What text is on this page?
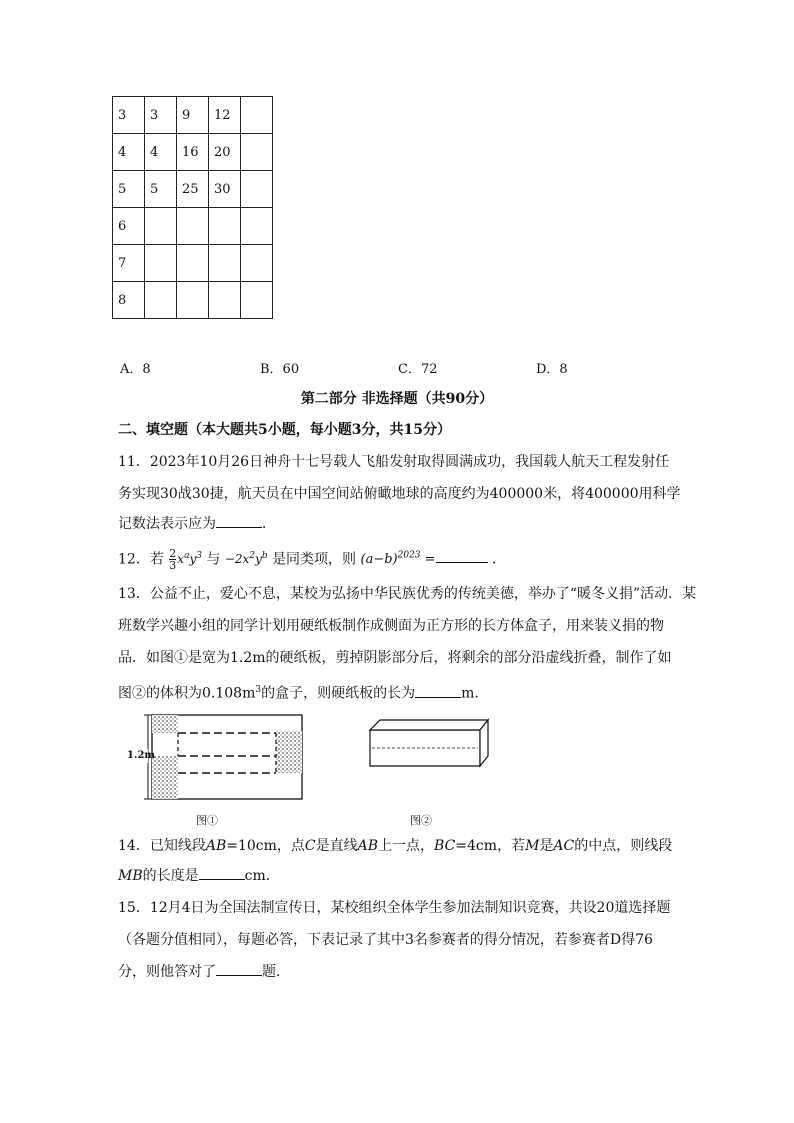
3	3	9	12	
4	4	16	20	
5	5	25	30	
6				
7				
8				
A．8	B．60	C．72	D．8
第二部分 非选择题（共90分）
二、填空题（本大题共5小题，每小题3分，共15分）
11．2023年10月26日神舟十七号载人飞船发射取得圆满成功，我国载人航天工程发射任
务实现30战30捷，航天员在中国空间站俯瞰地球的高度约为400000米，将400000用科学
记数法表示应为	．
12．若 $\frac{2}{3} x^ay^3$ 与 $-2x^2y^b$ 是同类项，则 $(a-b)^{2023}$ =	．
13．公益不止，爱心不息，某校为弘扬中华民族优秀的传统美德，举办了“暖冬义捐”活动．某
班数学兴趣小组的同学计划用硬纸板制作成侧面为正方形的长方体盒子，用来装义捐的物
品．如图①是宽为1.2m的硬纸板，剪掉阴影部分后，将剩余的部分沿虚线折叠，制作了如
图②的体积为$0.108m^3$的盒子，则硬纸板的长为	m．
1.2m
图①	图②
14．已知线段AB=10cm，点C是直线AB上一点，BC=4cm，若M是AC的中点，则线段
MB的长度是	cm．
15．12月4日为全国法制宣传日，某校组织全体学生参加法制知识竞赛，共设20道选择题
（各题分值相同），每题必答，下表记录了其中3名参赛者的得分情况，若参赛者D得76
分，则他答对了	题．
